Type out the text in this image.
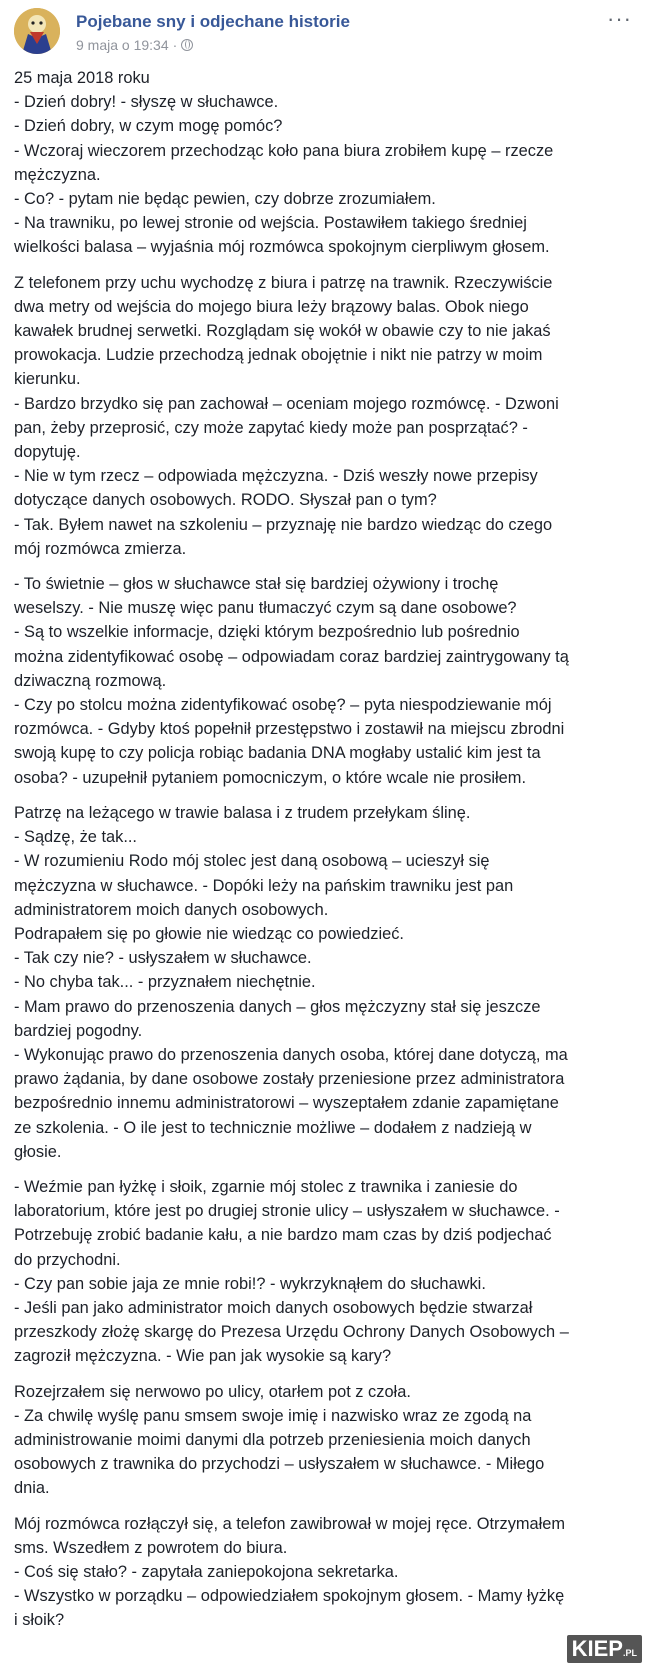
Pojebane sny i odjechane historie
9 maja o 19:34 ·
···

25 maja 2018 roku
- Dzień dobry! - słyszę w słuchawce.
- Dzień dobry, w czym mogę pomóc?
- Wczoraj wieczorem przechodząc koło pana biura zrobiłem kupę – rzecze
mężczyzna.
- Co? - pytam nie będąc pewien, czy dobrze zrozumiałem.
- Na trawniku, po lewej stronie od wejścia. Postawiłem takiego średniej
wielkości balasa – wyjaśnia mój rozmówca spokojnym cierpliwym głosem.

Z telefonem przy uchu wychodzę z biura i patrzę na trawnik. Rzeczywiście
dwa metry od wejścia do mojego biura leży brązowy balas. Obok niego
kawałek brudnej serwetki. Rozglądam się wokół w obawie czy to nie jakaś
prowokacja. Ludzie przechodzą jednak obojętnie i nikt nie patrzy w moim
kierunku.
- Bardzo brzydko się pan zachował – oceniam mojego rozmówcę. - Dzwoni
pan, żeby przeprosić, czy może zapytać kiedy może pan posprzątać? -
dopytuję.
- Nie w tym rzecz – odpowiada mężczyzna. - Dziś weszły nowe przepisy
dotyczące danych osobowych. RODO. Słyszał pan o tym?
- Tak. Byłem nawet na szkoleniu – przyznaję nie bardzo wiedząc do czego
mój rozmówca zmierza.

- To świetnie – głos w słuchawce stał się bardziej ożywiony i trochę
weselszy. - Nie muszę więc panu tłumaczyć czym są dane osobowe?
- Są to wszelkie informacje, dzięki którym bezpośrednio lub pośrednio
można zidentyfikować osobę – odpowiadam coraz bardziej zaintrygowany tą
dziwaczną rozmową.
- Czy po stolcu można zidentyfikować osobę? – pyta niespodziewanie mój
rozmówca. - Gdyby ktoś popełnił przestępstwo i zostawił na miejscu zbrodni
swoją kupę to czy policja robiąc badania DNA mogłaby ustalić kim jest ta
osoba? - uzupełnił pytaniem pomocniczym, o które wcale nie prosiłem.

Patrzę na leżącego w trawie balasa i z trudem przełykam ślinę.
- Sądzę, że tak...
- W rozumieniu Rodo mój stolec jest daną osobową – ucieszył się
mężczyzna w słuchawce. - Dopóki leży na pańskim trawniku jest pan
administratorem moich danych osobowych.
Podrapałem się po głowie nie wiedząc co powiedzieć.
- Tak czy nie? - usłyszałem w słuchawce.
- No chyba tak... - przyznałem niechętnie.
- Mam prawo do przenoszenia danych – głos mężczyzny stał się jeszcze
bardziej pogodny.
- Wykonując prawo do przenoszenia danych osoba, której dane dotyczą, ma
prawo żądania, by dane osobowe zostały przeniesione przez administratora
bezpośrednio innemu administratorowi – wyszeptałem zdanie zapamiętane
ze szkolenia. - O ile jest to technicznie możliwe – dodałem z nadzieją w
głosie.

- Weźmie pan łyżkę i słoik, zgarnie mój stolec z trawnika i zaniesie do
laboratorium, które jest po drugiej stronie ulicy – usłyszałem w słuchawce. -
Potrzebuję zrobić badanie kału, a nie bardzo mam czas by dziś podjechać
do przychodni.
- Czy pan sobie jaja ze mnie robi!? - wykrzyknąłem do słuchawki.
- Jeśli pan jako administrator moich danych osobowych będzie stwarzał
przeszkody złożę skargę do Prezesa Urzędu Ochrony Danych Osobowych –
zagroził mężczyzna. - Wie pan jak wysokie są kary?

Rozejrzałem się nerwowo po ulicy, otarłem pot z czoła.
- Za chwilę wyślę panu smsem swoje imię i nazwisko wraz ze zgodą na
administrowanie moimi danymi dla potrzeb przeniesienia moich danych
osobowych z trawnika do przychodzi – usłyszałem w słuchawce. - Miłego
dnia.

Mój rozmówca rozłączył się, a telefon zawibrował w mojej ręce. Otrzymałem
sms. Wszedłem z powrotem do biura.
- Coś się stało? - zapytała zaniepokojona sekretarka.
- Wszystko w porządku – odpowiedziałem spokojnym głosem. - Mamy łyżkę
i słoik?

KIEP.PL
